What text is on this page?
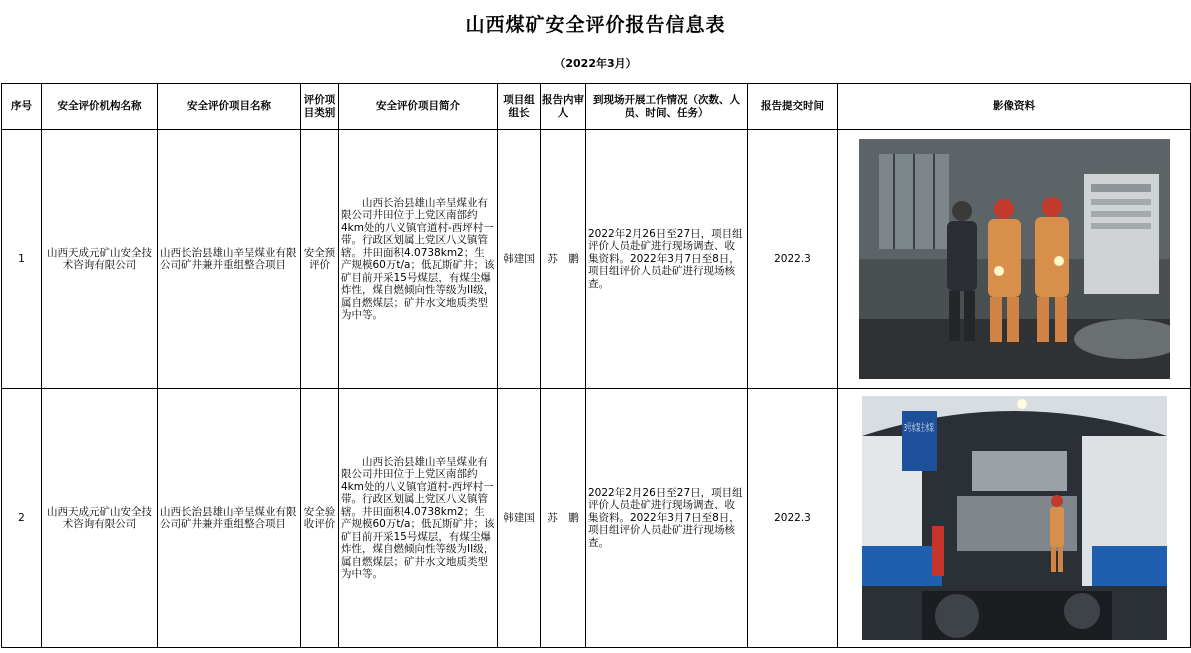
山西煤矿安全评价报告信息表
（2022年3月）
序号	安全评价机构名称	安全评价项目名称	评价项目类别	安全评价项目简介	项目组组长	报告内审人	到现场开展工作情况（次数、人员、时间、任务）	报告提交时间	影像资料
1	山西天成元矿山安全技术咨询有限公司	山西长治县雄山辛呈煤业有限公司矿井兼并重组整合项目	安全预评价	山西长治县雄山辛呈煤业有限公司井田位于上党区南部约4km处的八义镇官道村-西坪村一带。行政区划属上党区八义镇管辖。井田面积4.0738km2；生产规模60万t/a；低瓦斯矿井；该矿目前开采15号煤层，有煤尘爆炸性，煤自燃倾向性等级为II级，属自燃煤层；矿井水文地质类型为中等。	韩建国	苏　鹏	2022年2月26日至27日，项目组评价人员赴矿进行现场调查、收集资料。2022年3月7日至8日，项目组评价人员赴矿进行现场核查。	2022.3	

2	山西天成元矿山安全技术咨询有限公司	山西长治县雄山辛呈煤业有限公司矿井兼并重组整合项目	安全验收评价	山西长治县雄山辛呈煤业有限公司井田位于上党区南部约4km处的八义镇官道村-西坪村一带。行政区划属上党区八义镇管辖。井田面积4.0738km2；生产规模60万t/a；低瓦斯矿井；该矿目前开采15号煤层，有煤尘爆炸性，煤自燃倾向性等级为II级，属自燃煤层；矿井水文地质类型为中等。	韩建国	苏　鹏	2022年2月26日至27日，项目组评价人员赴矿进行现场调查、收集资料。2022年3月7日至8日，项目组评价人员赴矿进行现场核查。	2022.3	
